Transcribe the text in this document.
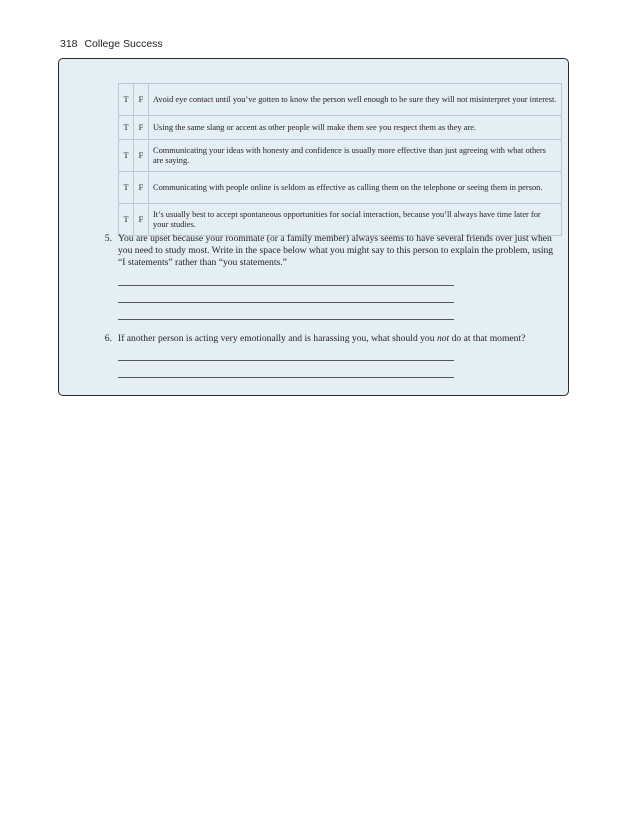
318 College Success
T	F	Avoid eye contact until you’ve gotten to know the person well enough to be sure they will not misinterpret your interest.
T	F	Using the same slang or accent as other people will make them see you respect them as they are.
T	F	Communicating your ideas with honesty and confidence is usually more effective than just agreeing with what others are saying.
T	F	Communicating with people online is seldom as effective as calling them on the telephone or seeing them in person.
T	F	It’s usually best to accept spontaneous opportunities for social interaction, because you’ll always have time later for your studies.
5. You are upset because your roommate (or a family member) always seems to have several friends over just when you need to study most. Write in the space below what you might say to this person to explain the problem, using “I statements” rather than “you statements.”
6. If another person is acting very emotionally and is harassing you, what should you not do at that moment?
